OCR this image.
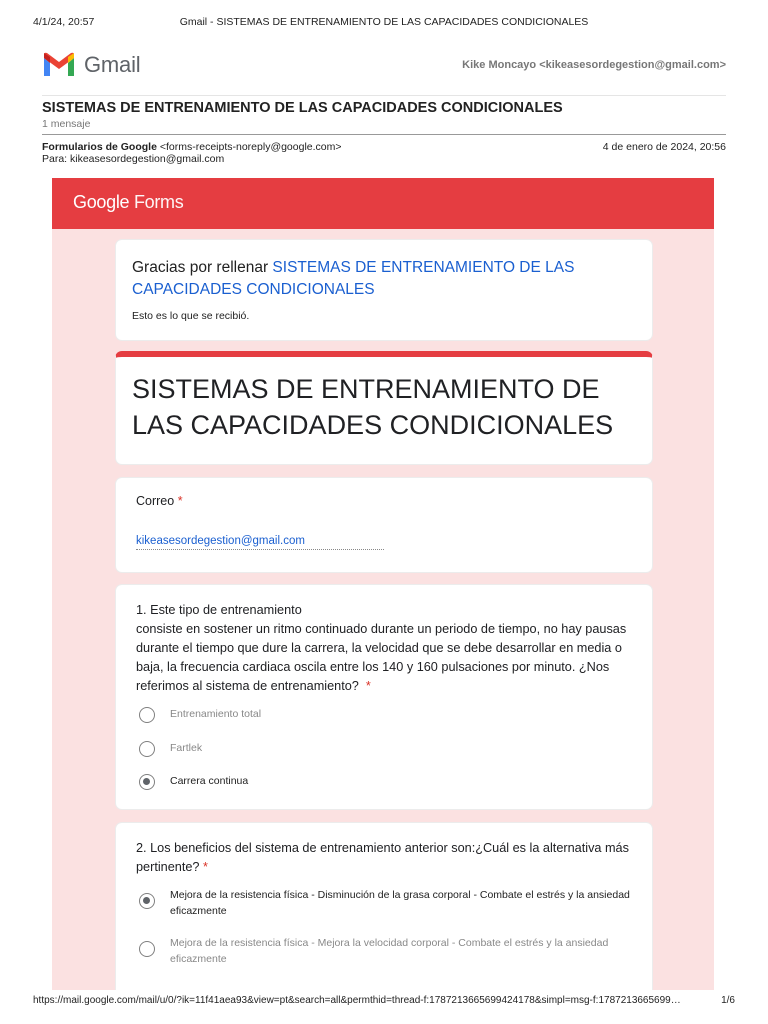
4/1/24, 20:57	Gmail - SISTEMAS DE ENTRENAMIENTO DE LAS CAPACIDADES CONDICIONALES
Gmail	Kike Moncayo <kikeasesordegestion@gmail.com>
SISTEMAS DE ENTRENAMIENTO DE LAS CAPACIDADES CONDICIONALES
1 mensaje
Formularios de Google <forms-receipts-noreply@google.com>	4 de enero de 2024, 20:56
Para: kikeasesordegestion@gmail.com
Google Forms
Gracias por rellenar SISTEMAS DE ENTRENAMIENTO DE LAS CAPACIDADES CONDICIONALES
Esto es lo que se recibió.
SISTEMAS DE ENTRENAMIENTO DE LAS CAPACIDADES CONDICIONALES
Correo *
kikeasesordegestion@gmail.com
1. Este tipo de entrenamiento
consiste en sostener un ritmo continuado durante un periodo de tiempo, no hay pausas durante el tiempo que dure la carrera, la velocidad que se debe desarrollar en media o baja, la frecuencia cardiaca oscila entre los 140 y 160 pulsaciones por minuto. ¿Nos referimos al sistema de entrenamiento? *
Entrenamiento total
Fartlek
Carrera continua
2. Los beneficios del sistema de entrenamiento anterior son:¿Cuál es la alternativa más pertinente? *
Mejora de la resistencia física - Disminución de la grasa corporal - Combate el estrés y la ansiedad eficazmente
Mejora de la resistencia física - Mejora la velocidad corporal - Combate el estrés y la ansiedad eficazmente
https://mail.google.com/mail/u/0/?ik=11f41aea93&view=pt&search=all&permthid=thread-f:1787213665699424178&simpl=msg-f:1787213665699…	1/6
